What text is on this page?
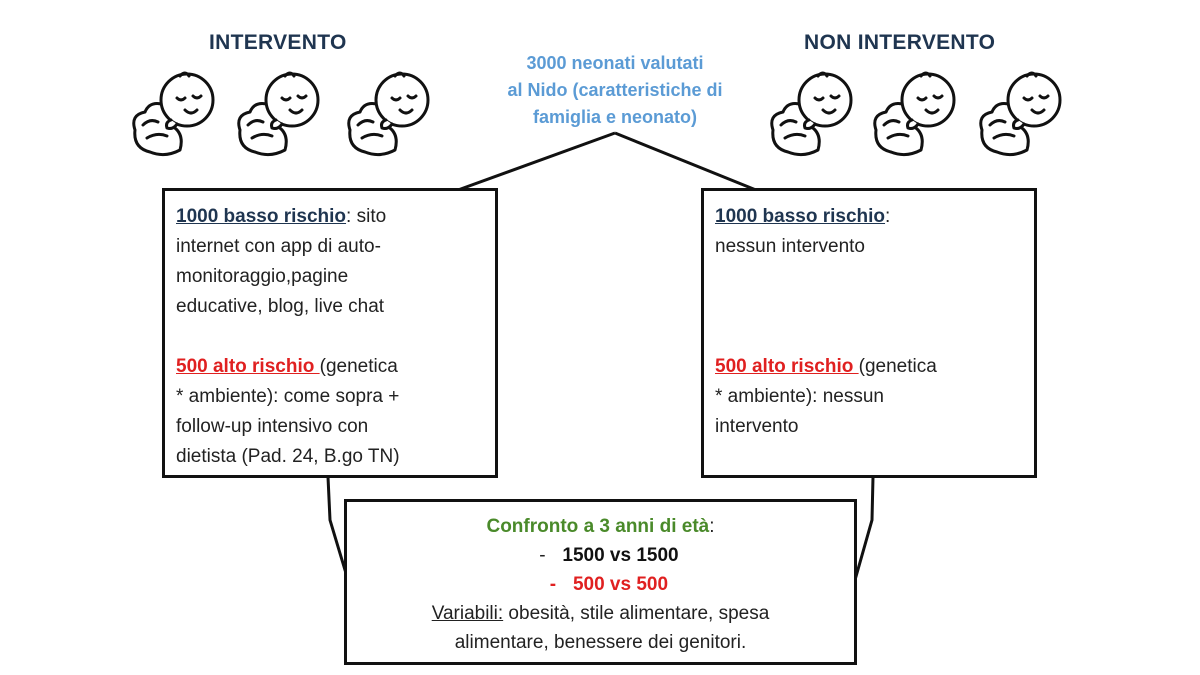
INTERVENTO	NON INTERVENTO
3000 neonati valutati
al Nido (caratteristiche di
famiglia e neonato)

1000 basso rischio: sito

internet con app di auto-

monitoraggio,pagine

educative, blog, live chat

500 alto rischio (genetica

* ambiente): come sopra +

follow-up intensivo con

dietista (Pad. 24, B.go TN)

1000 basso rischio:

nessun intervento

500 alto rischio (genetica

* ambiente): nessun

intervento

Confronto a 3 anni di età:

- 1500 vs 1500

- 500 vs 500

Variabili: obesità, stile alimentare, spesa

alimentare, benessere dei genitori.
